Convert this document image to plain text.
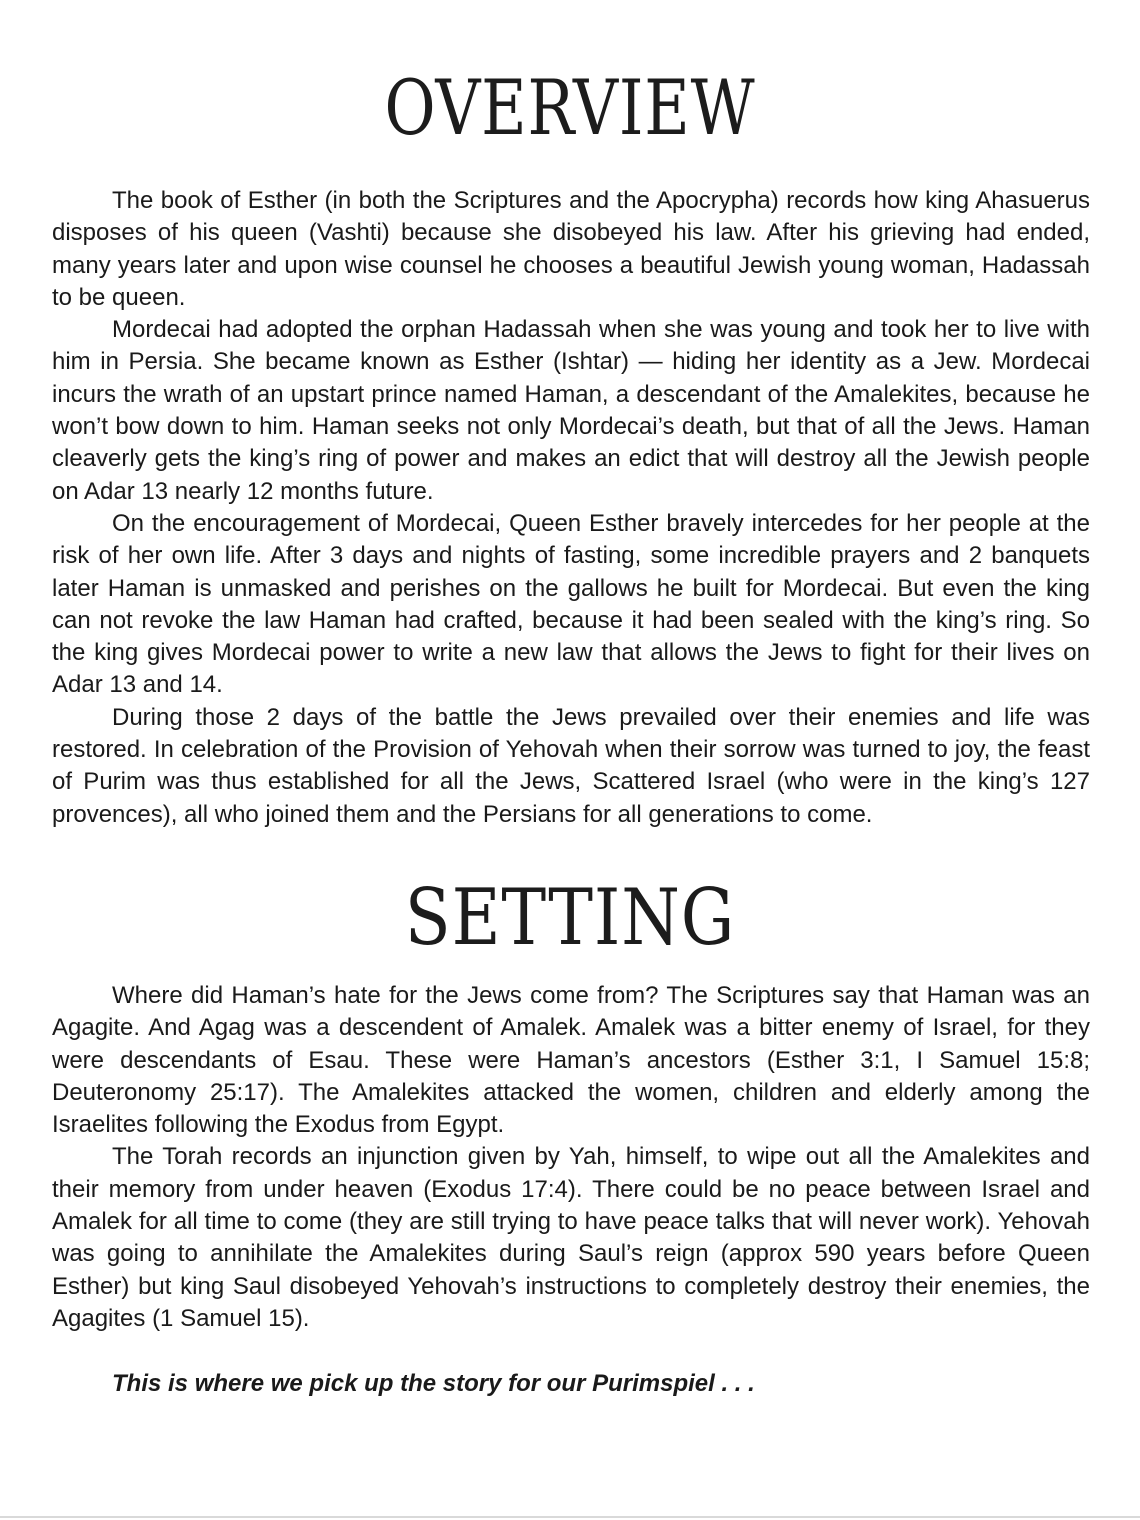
OVERVIEW

The book of Esther (in both the Scriptures and the Apocrypha) records how king Ahasuerus disposes of his queen (Vashti) because she disobeyed his law. After his grieving had ended, many years later and upon wise counsel he chooses a beautiful Jewish young woman, Hadassah to be queen.

Mordecai had adopted the orphan Hadassah when she was young and took her to live with him in Persia. She became known as Esther (Ishtar) — hiding her identity as a Jew. Mordecai incurs the wrath of an upstart prince named Haman, a descendant of the Amalekites, because he won’t bow down to him. Haman seeks not only Mordecai’s death, but that of all the Jews. Haman cleaverly gets the king’s ring of power and makes an edict that will destroy all the Jewish people on Adar 13 nearly 12 months future.

On the encouragement of Mordecai, Queen Esther bravely intercedes for her people at the risk of her own life. After 3 days and nights of fasting, some incredible prayers and 2 banquets later Haman is unmasked and perishes on the gallows he built for Mordecai. But even the king can not revoke the law Haman had crafted, because it had been sealed with the king’s ring. So the king gives Mordecai power to write a new law that allows the Jews to fight for their lives on Adar 13 and 14.

During those 2 days of the battle the Jews prevailed over their enemies and life was restored. In celebration of the Provision of Yehovah when their sorrow was turned to joy, the feast of Purim was thus established for all the Jews, Scattered Israel (who were in the king’s 127 provences), all who joined them and the Persians for all generations to come.

SETTING

Where did Haman’s hate for the Jews come from? The Scriptures say that Haman was an Agagite. And Agag was a descendent of Amalek. Amalek was a bitter enemy of Israel, for they were descendants of Esau. These were Haman’s ancestors (Esther 3:1, I Samuel 15:8; Deuteronomy 25:17). The Amalekites attacked the women, children and elderly among the Israelites following the Exodus from Egypt.

The Torah records an injunction given by Yah, himself, to wipe out all the Amalekites and their memory from under heaven (Exodus 17:4). There could be no peace between Israel and Amalek for all time to come (they are still trying to have peace talks that will never work). Yehovah was going to annihilate the Amalekites during Saul’s reign (approx 590 years before Queen Esther) but king Saul disobeyed Yehovah’s instructions to completely destroy their enemies, the Agagites (1 Samuel 15).

This is where we pick up the story for our Purimspiel . . .
